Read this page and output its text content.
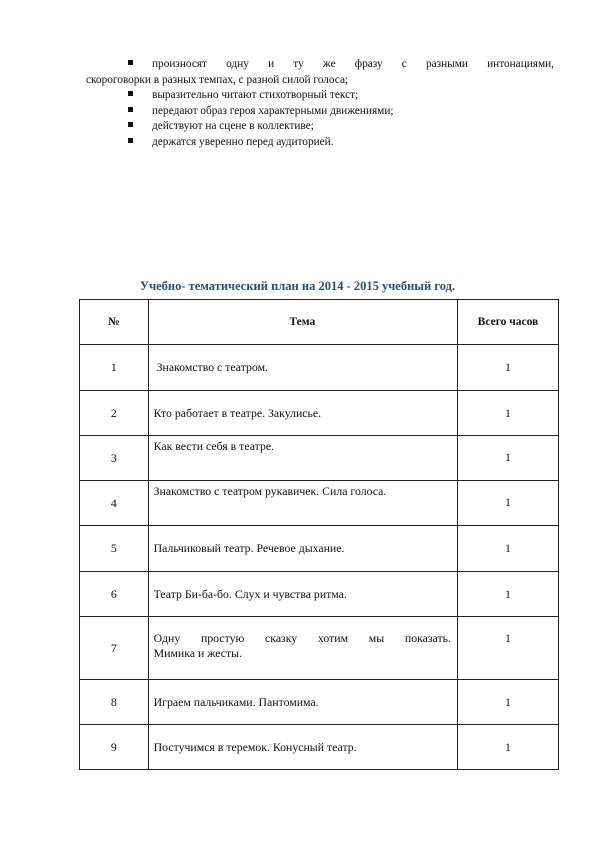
произносят одну и ту же фразу с разными интонациями,
скороговорки в разных темпах, с разной силой голоса;
выразительно читают стихотворный текст;
передают образ героя характерными движениями;
действуют на сцене в коллективе;
держатся уверенно перед аудиторией.
Учебно- тематический план на 2014 - 2015 учебный год.
№	Тема	Всего часов
1	Знакомство с театром.	1
2	Кто работает в театре. Закулисье.	1
3	Как вести себя в театре.	1
4	Знакомство с театром рукавичек. Сила голоса.	1
5	Пальчиковый театр. Речевое дыхание.	1
6	Театр Би-ба-бо. Слух и чувства ритма.	1
7	Одну простую сказку хотим мы показать.
Мимика и жесты.	1
8	Играем пальчиками. Пантомима.	1
9	Постучимся в теремок. Конусный театр.	1
